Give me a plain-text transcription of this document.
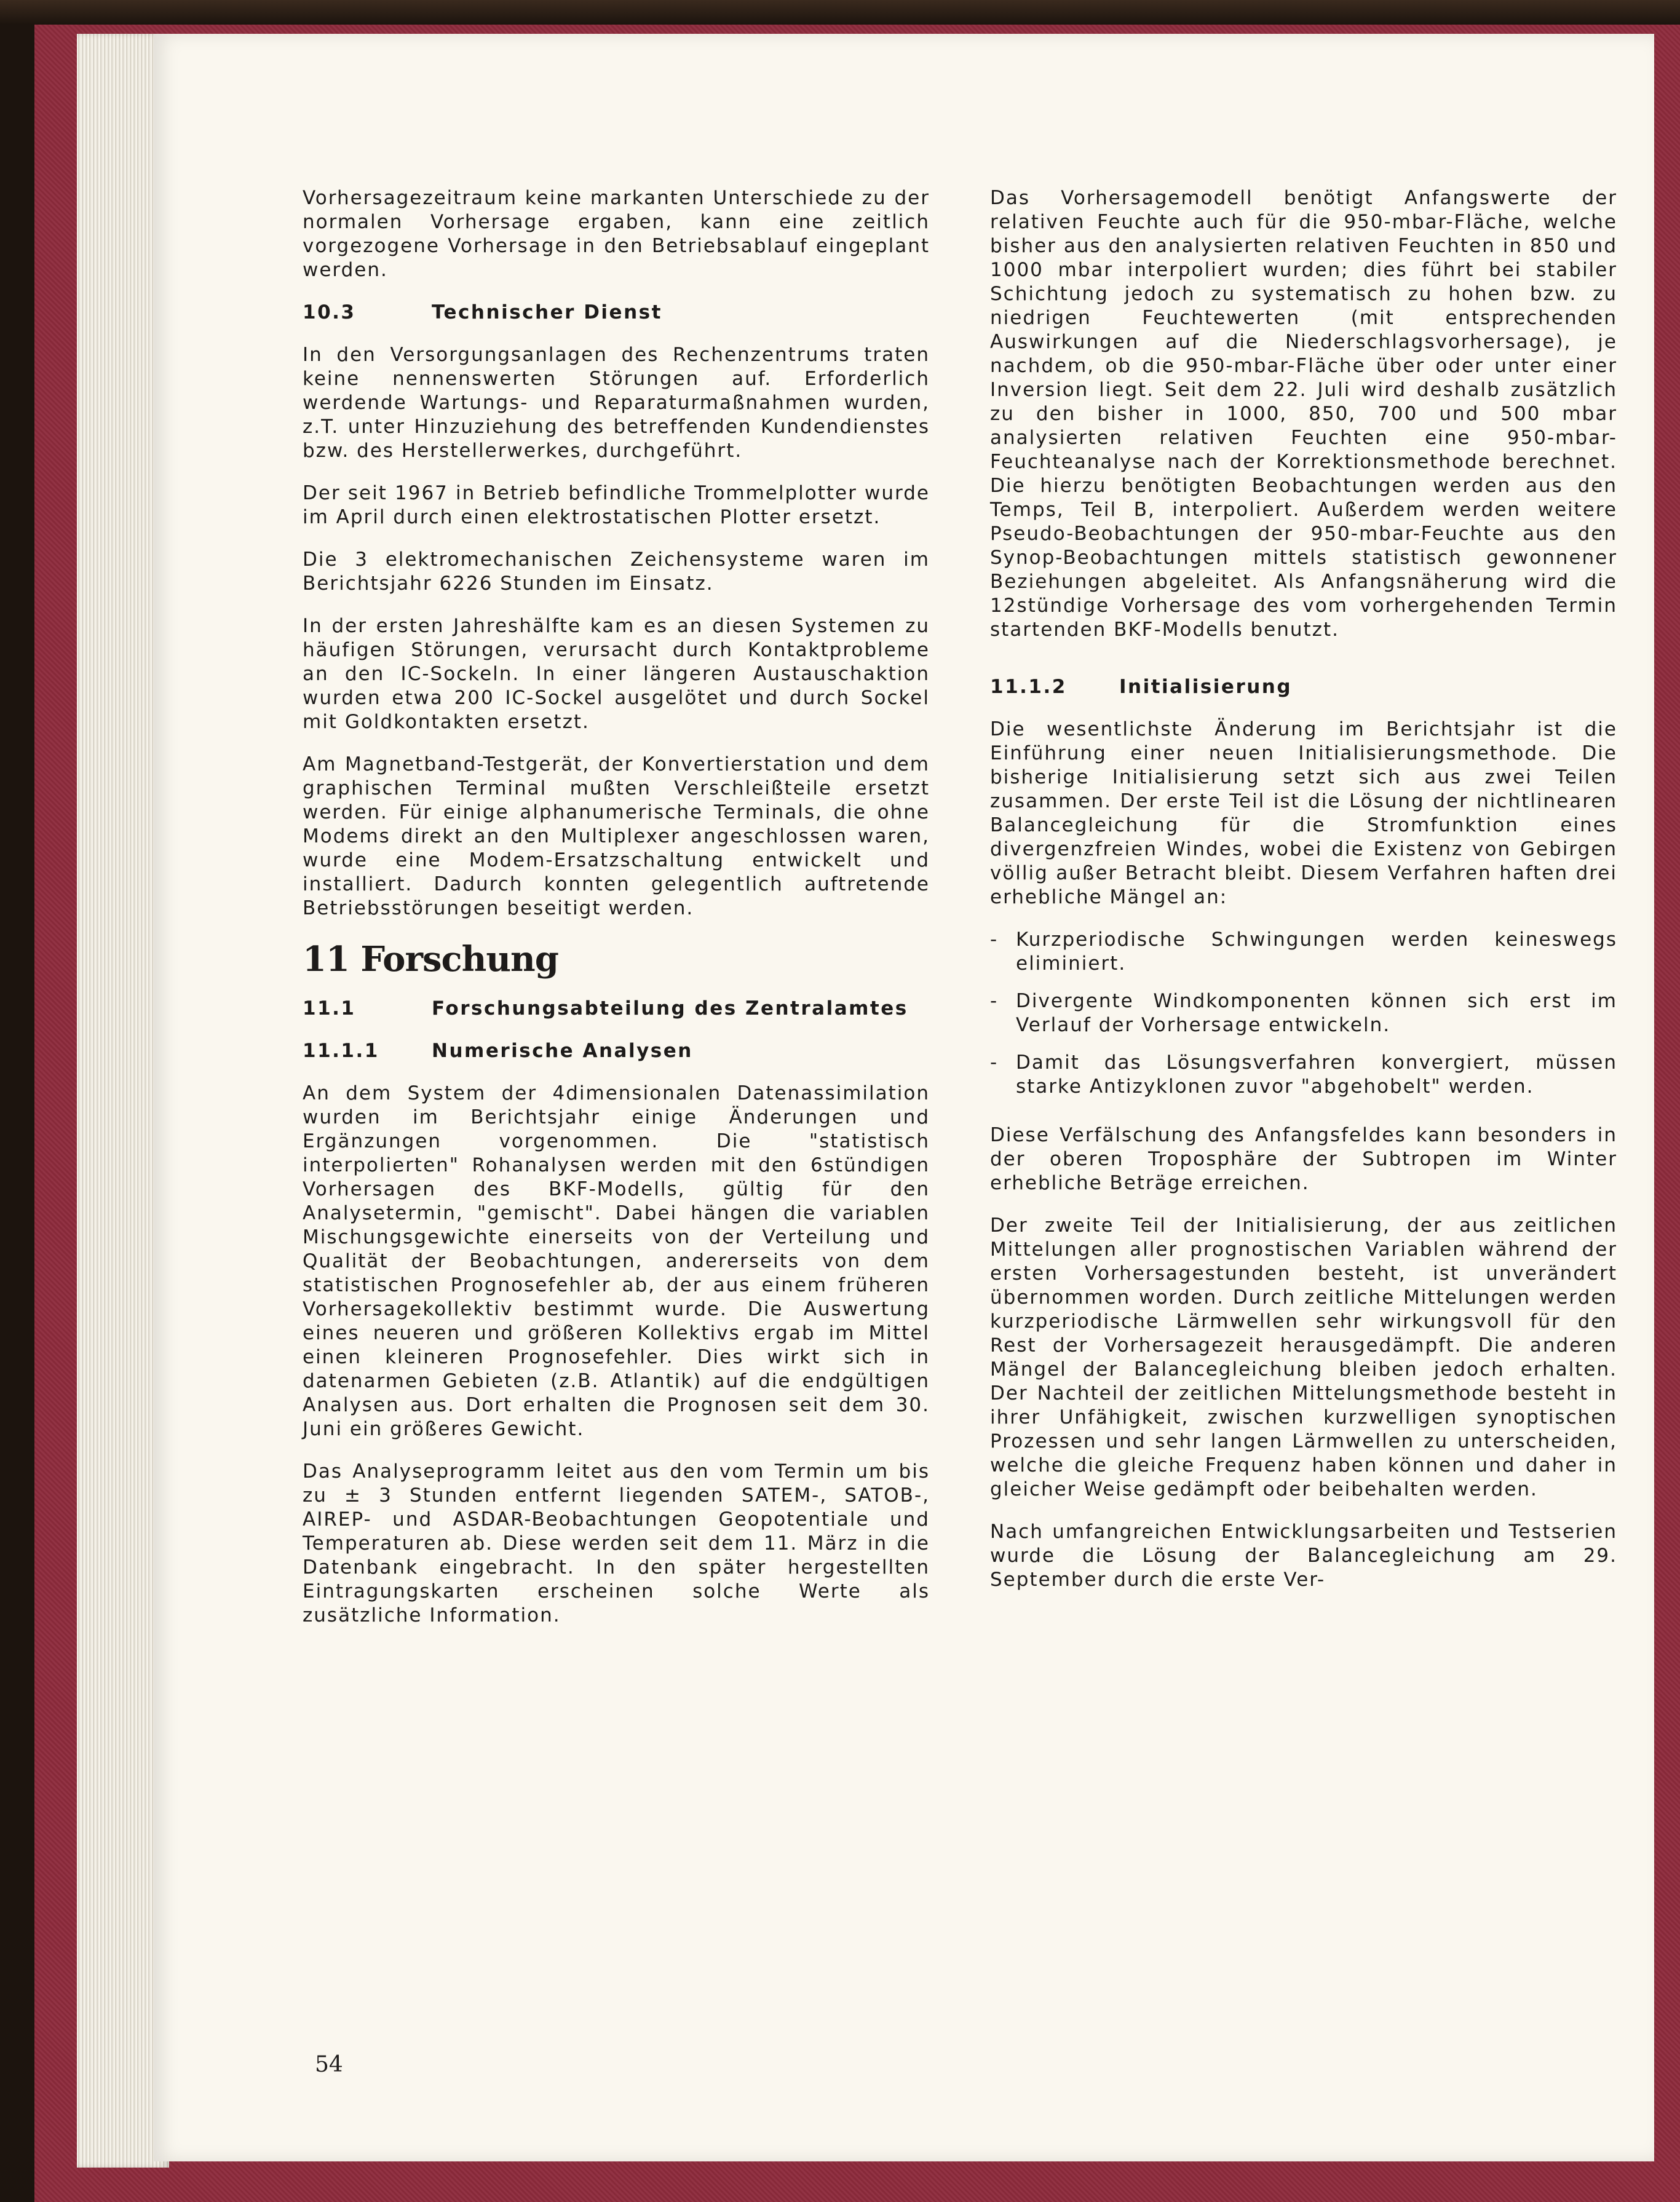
Vorhersagezeitraum keine markanten Unterschiede zu der normalen Vorhersage ergaben, kann eine zeitlich vorgezogene Vorhersage in den Betriebsablauf eingeplant werden.

10.3	Technischer Dienst

In den Versorgungsanlagen des Rechenzentrums traten keine nennenswerten Störungen auf. Erforderlich werdende Wartungs- und Reparaturmaßnahmen wurden, z.T. unter Hinzuziehung des betreffenden Kundendienstes bzw. des Herstellerwerkes, durchgeführt.

Der seit 1967 in Betrieb befindliche Trommelplotter wurde im April durch einen elektrostatischen Plotter ersetzt.

Die 3 elektromechanischen Zeichensysteme waren im Berichtsjahr 6226 Stunden im Einsatz.

In der ersten Jahreshälfte kam es an diesen Systemen zu häufigen Störungen, verursacht durch Kontaktprobleme an den IC-Sockeln. In einer längeren Austauschaktion wurden etwa 200 IC-Sockel ausgelötet und durch Sockel mit Goldkontakten ersetzt.

Am Magnetband-Testgerät, der Konvertierstation und dem graphischen Terminal mußten Verschleißteile ersetzt werden. Für einige alphanumerische Terminals, die ohne Modems direkt an den Multiplexer angeschlossen waren, wurde eine Modem-Ersatzschaltung entwickelt und installiert. Dadurch konnten gelegentlich auftretende Betriebsstörungen beseitigt werden.

11 Forschung
11.1	Forschungsabteilung des Zentralamtes
11.1.1	Numerische Analysen

An dem System der 4dimensionalen Datenassimilation wurden im Berichtsjahr einige Änderungen und Ergänzungen vorgenommen. Die "statistisch interpolierten" Rohanalysen werden mit den 6stündigen Vorhersagen des BKF-Modells, gültig für den Analysetermin, "gemischt". Dabei hängen die variablen Mischungsgewichte einerseits von der Verteilung und Qualität der Beobachtungen, andererseits von dem statistischen Prognosefehler ab, der aus einem früheren Vorhersagekollektiv bestimmt wurde. Die Auswertung eines neueren und größeren Kollektivs ergab im Mittel einen kleineren Prognosefehler. Dies wirkt sich in datenarmen Gebieten (z.B. Atlantik) auf die endgültigen Analysen aus. Dort erhalten die Prognosen seit dem 30. Juni ein größeres Gewicht.

Das Analyseprogramm leitet aus den vom Termin um bis zu ± 3 Stunden entfernt liegenden SATEM-, SATOB-, AIREP- und ASDAR-Beobachtungen Geopotentiale und Temperaturen ab. Diese werden seit dem 11. März in die Datenbank eingebracht. In den später hergestellten Eintragungskarten erscheinen solche Werte als zusätzliche Information.

Das Vorhersagemodell benötigt Anfangswerte der relativen Feuchte auch für die 950-mbar-Fläche, welche bisher aus den analysierten relativen Feuchten in 850 und 1000 mbar interpoliert wurden; dies führt bei stabiler Schichtung jedoch zu systematisch zu hohen bzw. zu niedrigen Feuchtewerten (mit entsprechenden Auswirkungen auf die Niederschlagsvorhersage), je nachdem, ob die 950-mbar-Fläche über oder unter einer Inversion liegt. Seit dem 22. Juli wird deshalb zusätzlich zu den bisher in 1000, 850, 700 und 500 mbar analysierten relativen Feuchten eine 950-mbar-Feuchteanalyse nach der Korrektionsmethode berechnet. Die hierzu benötigten Beobachtungen werden aus den Temps, Teil B, interpoliert. Außerdem werden weitere Pseudo-Beobachtungen der 950-mbar-Feuchte aus den Synop-Beobachtungen mittels statistisch gewonnener Beziehungen abgeleitet. Als Anfangsnäherung wird die 12stündige Vorhersage des vom vorhergehenden Termin startenden BKF-Modells benutzt.

11.1.2	Initialisierung

Die wesentlichste Änderung im Berichtsjahr ist die Einführung einer neuen Initialisierungsmethode. Die bisherige Initialisierung setzt sich aus zwei Teilen zusammen. Der erste Teil ist die Lösung der nichtlinearen Balancegleichung für die Stromfunktion eines divergenzfreien Windes, wobei die Existenz von Gebirgen völlig außer Betracht bleibt. Diesem Verfahren haften drei erhebliche Mängel an:

- Kurzperiodische Schwingungen werden keineswegs eliminiert.
- Divergente Windkomponenten können sich erst im Verlauf der Vorhersage entwickeln.
- Damit das Lösungsverfahren konvergiert, müssen starke Antizyklonen zuvor "abgehobelt" werden.

Diese Verfälschung des Anfangsfeldes kann besonders in der oberen Troposphäre der Subtropen im Winter erhebliche Beträge erreichen.

Der zweite Teil der Initialisierung, der aus zeitlichen Mittelungen aller prognostischen Variablen während der ersten Vorhersagestunden besteht, ist unverändert übernommen worden. Durch zeitliche Mittelungen werden kurzperiodische Lärmwellen sehr wirkungsvoll für den Rest der Vorhersagezeit herausgedämpft. Die anderen Mängel der Balancegleichung bleiben jedoch erhalten. Der Nachteil der zeitlichen Mittelungsmethode besteht in ihrer Unfähigkeit, zwischen kurzwelligen synoptischen Prozessen und sehr langen Lärmwellen zu unterscheiden, welche die gleiche Frequenz haben können und daher in gleicher Weise gedämpft oder beibehalten werden.

Nach umfangreichen Entwicklungsarbeiten und Testserien wurde die Lösung der Balancegleichung am 29. September durch die erste Ver-

54
